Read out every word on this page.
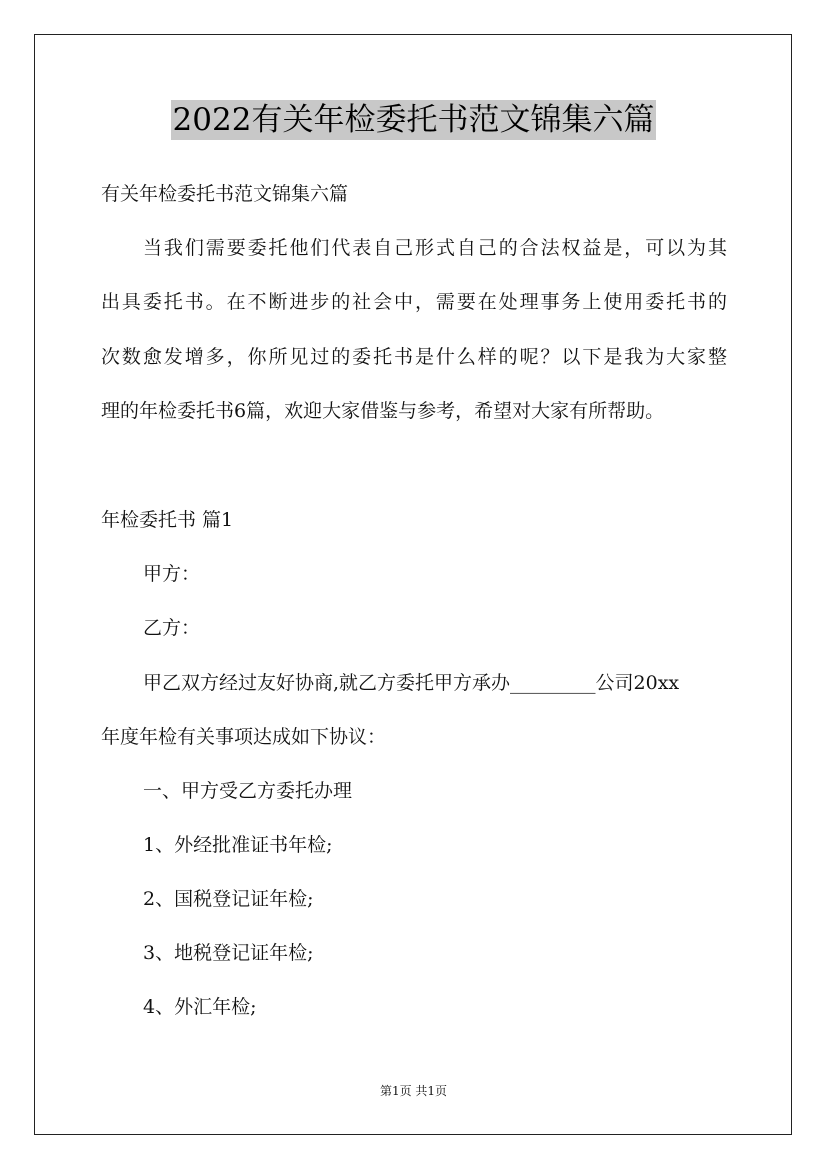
2022有关年检委托书范文锦集六篇
有关年检委托书范文锦集六篇
当我们需要委托他们代表自己形式自己的合法权益是，可以为其
出具委托书。在不断进步的社会中，需要在处理事务上使用委托书的
次数愈发增多，你所见过的委托书是什么样的呢？以下是我为大家整
理的年检委托书6篇，欢迎大家借鉴与参考，希望对大家有所帮助。
年检委托书 篇1
甲方：
乙方：
甲乙双方经过友好协商,就乙方委托甲方承办_________公司20xx
年度年检有关事项达成如下协议：
一、甲方受乙方委托办理
1、外经批准证书年检;
2、国税登记证年检;
3、地税登记证年检;
4、外汇年检;
第1页 共1页
